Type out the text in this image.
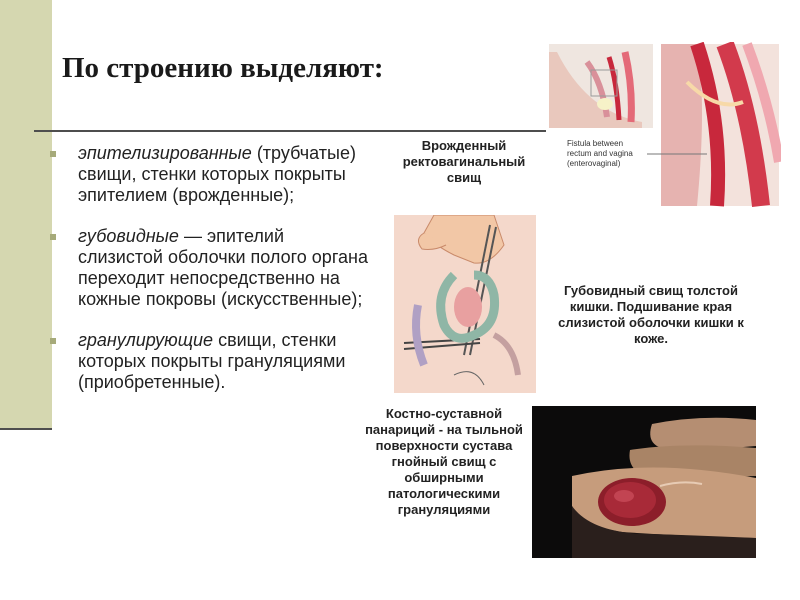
По строению выделяют:
эпителизированные (трубчатые) свищи, стенки которых покрыты эпителием (врожденные);
губовидные — эпителий слизистой оболочки полого органа переходит непосредственно на кожные покровы (искусственные);
гранулирующие свищи, стенки которых покрыты грануляциями (приобретенные).
Fistula between
rectum and vagina
(enterovaginal)
Врожденный ректовагинальный свищ
Губовидный свищ толстой кишки. Подшивание края слизистой оболочки кишки к коже.
Костно-суставной панариций - на тыльной поверхности сустава гнойный свищ с обширными патологическими грануляциями
